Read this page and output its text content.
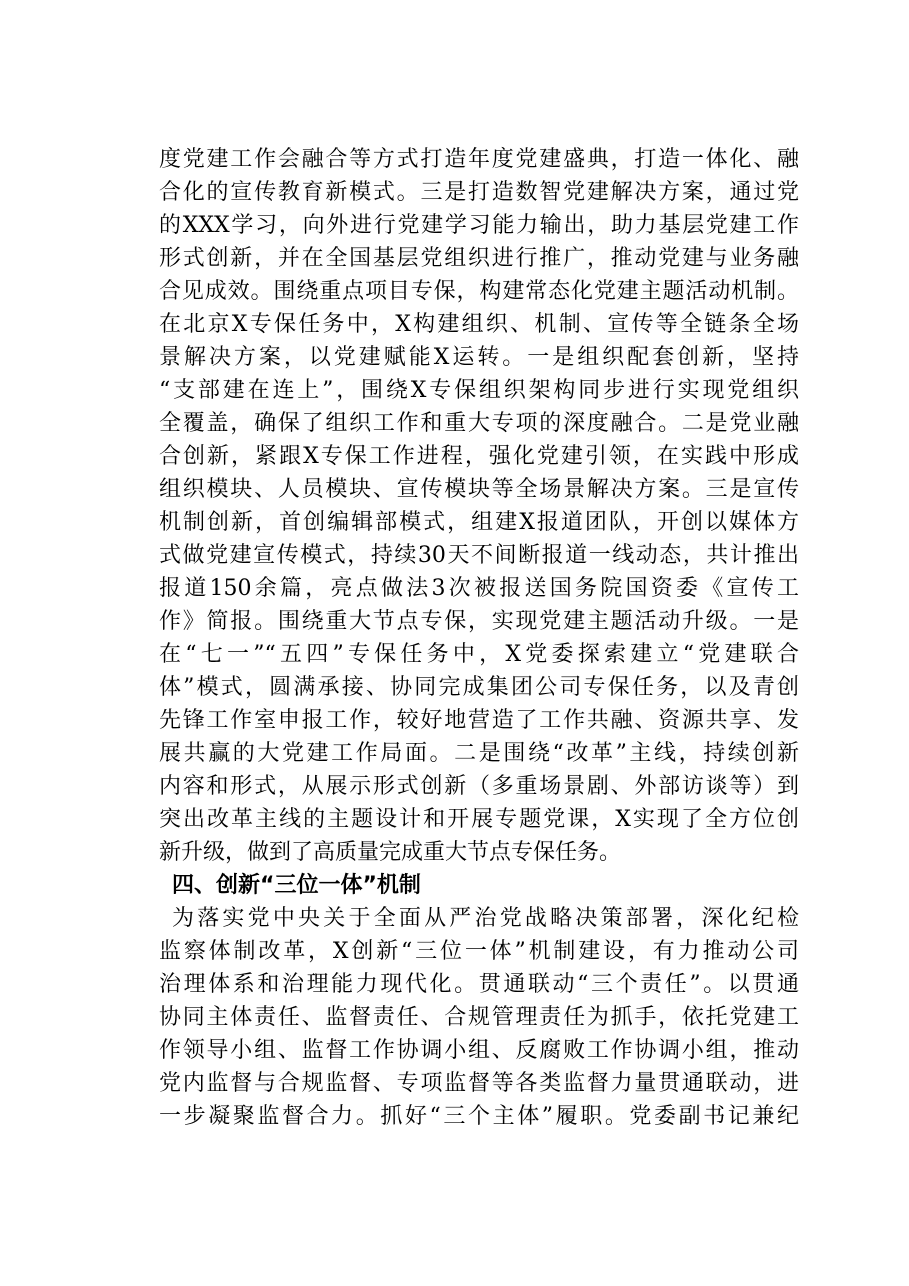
度党建工作会融合等方式打造年度党建盛典，打造一体化、融
合化的宣传教育新模式。三是打造数智党建解决方案，通过党
的XXX学习，向外进行党建学习能力输出，助力基层党建工作
形式创新，并在全国基层党组织进行推广，推动党建与业务融
合见成效。围绕重点项目专保，构建常态化党建主题活动机制。
在北京X专保任务中，X构建组织、机制、宣传等全链条全场
景解决方案，以党建赋能X运转。一是组织配套创新，坚持
“支部建在连上”，围绕X专保组织架构同步进行实现党组织
全覆盖，确保了组织工作和重大专项的深度融合。二是党业融
合创新，紧跟X专保工作进程，强化党建引领，在实践中形成
组织模块、人员模块、宣传模块等全场景解决方案。三是宣传
机制创新，首创编辑部模式，组建X报道团队，开创以媒体方
式做党建宣传模式，持续30天不间断报道一线动态，共计推出
报道150余篇，亮点做法3次被报送国务院国资委《宣传工
作》简报。围绕重大节点专保，实现党建主题活动升级。一是
在“七一”“五四”专保任务中，X党委探索建立“党建联合
体”模式，圆满承接、协同完成集团公司专保任务，以及青创
先锋工作室申报工作，较好地营造了工作共融、资源共享、发
展共赢的大党建工作局面。二是围绕“改革”主线，持续创新
内容和形式，从展示形式创新（多重场景剧、外部访谈等）到
突出改革主线的主题设计和开展专题党课，X实现了全方位创
新升级，做到了高质量完成重大节点专保任务。
四、创新“三位一体”机制
为落实党中央关于全面从严治党战略决策部署，深化纪检
监察体制改革，X创新“三位一体”机制建设，有力推动公司
治理体系和治理能力现代化。贯通联动“三个责任”。以贯通
协同主体责任、监督责任、合规管理责任为抓手，依托党建工
作领导小组、监督工作协调小组、反腐败工作协调小组，推动
党内监督与合规监督、专项监督等各类监督力量贯通联动，进
一步凝聚监督合力。抓好“三个主体”履职。党委副书记兼纪
